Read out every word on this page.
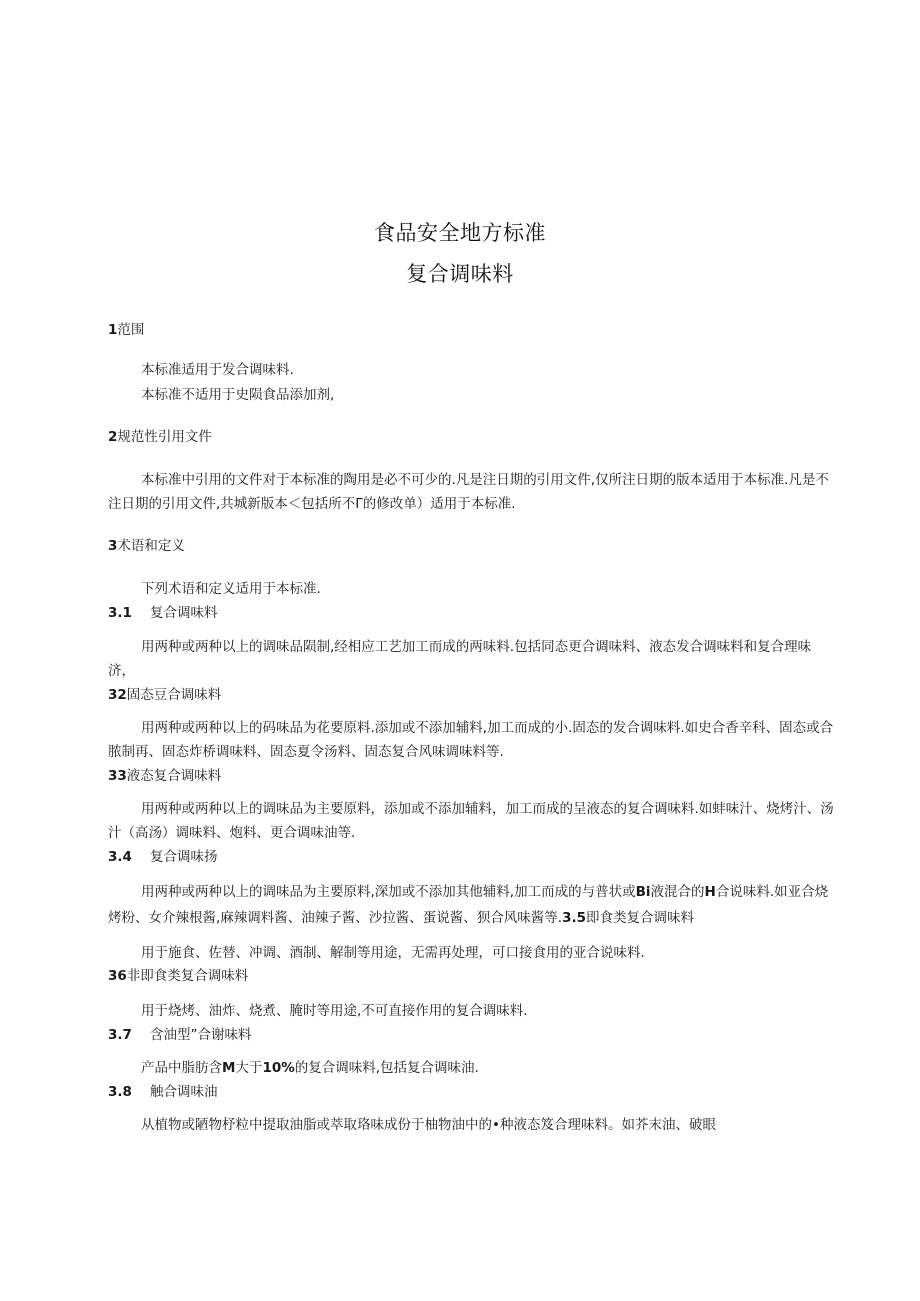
食品安全地方标准
复合调味料
1范围
本标准适用于发合调味料.
本标准不适用于史陨食品添加剂,
2规范性引用文件
本标准中引用的文件对于本标准的陶用是必不可少的.凡是注日期的引用文件,仅所注日期的版本适用于本标准.凡是不
注日期的引用文件,共城新版本＜包括所不Γ的修改单）适用于本标准.
3术语和定义
下列术语和定义适用于本标准.
3.1 复合调味料
用两种或两种以上的调味品陨制,经相应工艺加工而成的两味料.包括同态更合调味料、液态发合调味料和复合理味
济，
32固态豆合调味料
用两种或两种以上的码味品为花要原料.添加或不添加辅料,加工而成的小.固态的发合调味料.如史合香辛科、固态或合
脓制再、固态炸桥调味料、固态夏令汤料、固态复合风味调味料等.
33液态复合调味料
用两种或两种以上的调味品为主要原料，添加或不添加辅料，加工而成的呈液态的复合调味料.如蚌味汁、烧烤汁、汤
汁（高汤）调味料、炮料、更合调味油等.
3.4 复合调味扬
用两种或两种以上的调味品为主要原料,深加或不添加其他辅料,加工而成的与普状或Bi液混合的H合说味料.如亚合烧
烤粉、女介辣根酱,麻辣调料酱、油辣子酱、沙拉酱、蛋说酱、狈合风味酱等.3.5即食类复合调味料
用于施食、佐替、冲调、酒制、解制等用途，无需再处理，可口接食用的亚合说味料.
36非即食类复合调味料
用于烧烤、油炸、烧煮、腌时等用途,不可直接作用的复合调味料.
3.7 含油型”合谢味料
产品中脂肪含M大于10%的复合调味料,包括复合调味油.
3.8 触合调味油
从植物或陋物杼粒中提取油脂或萃取珞味成份于柚物油中的•种液态笈合理味料。如芥末油、破眼
